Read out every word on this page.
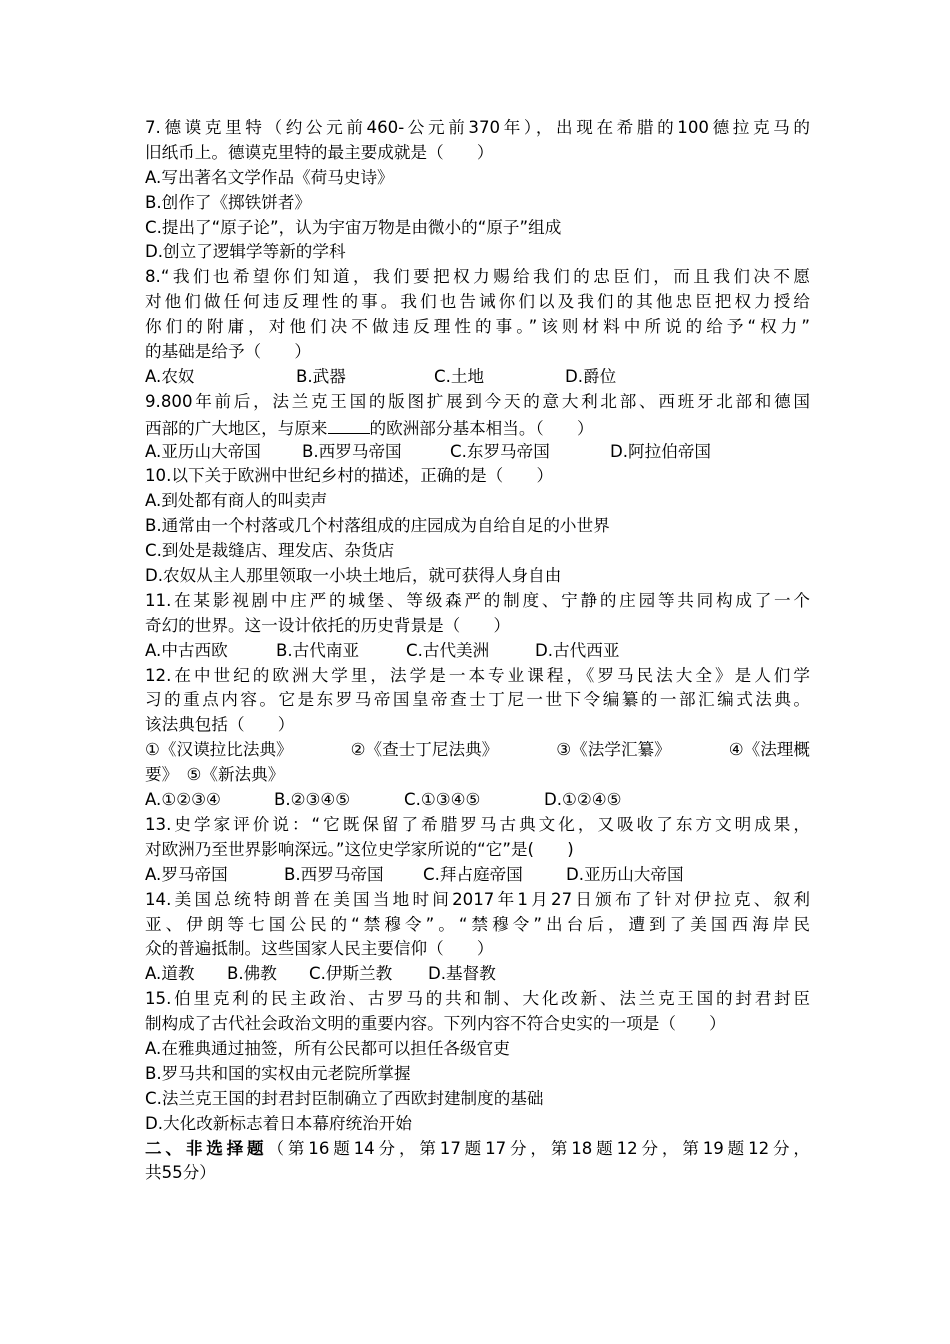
7.德谟克里特（约公元前460-公元前370年），出现在希腊的100德拉克马的
旧纸币上。德谟克里特的最主要成就是（　　）
A.写出著名文学作品《荷马史诗》
B.创作了《掷铁饼者》
C.提出了“原子论”，认为宇宙万物是由微小的“原子”组成
D.创立了逻辑学等新的学科
8.“我们也希望你们知道，我们要把权力赐给我们的忠臣们，而且我们决不愿
对他们做任何违反理性的事。我们也告诫你们以及我们的其他忠臣把权力授给
你们的附庸，对他们决不做违反理性的事。”该则材料中所说的给予“权力”
的基础是给予（　　）
A.农奴	B.武器	C.土地	D.爵位
9.800年前后，法兰克王国的版图扩展到今天的意大利北部、西班牙北部和德国
西部的广大地区，与原来	的欧洲部分基本相当。（　　）
A.亚历山大帝国	B.西罗马帝国	C.东罗马帝国	D.阿拉伯帝国
10.以下关于欧洲中世纪乡村的描述，正确的是（　　）
A.到处都有商人的叫卖声
B.通常由一个村落或几个村落组成的庄园成为自给自足的小世界
C.到处是裁缝店、理发店、杂货店
D.农奴从主人那里领取一小块土地后，就可获得人身自由
11.在某影视剧中庄严的城堡、等级森严的制度、宁静的庄园等共同构成了一个
奇幻的世界。这一设计依托的历史背景是（　　）
A.中古西欧	B.古代南亚	C.古代美洲	D.古代西亚
12.在中世纪的欧洲大学里，法学是一本专业课程，《罗马民法大全》是人们学
习的重点内容。它是东罗马帝国皇帝查士丁尼一世下令编纂的一部汇编式法典。
该法典包括（　　）
①《汉谟拉比法典》	②《查士丁尼法典》	③《法学汇纂》	④《法理概
要》　⑤《新法典》
A.①②③④	B.②③④⑤	C.①③④⑤	D.①②④⑤
13.史学家评价说：“它既保留了希腊罗马古典文化，又吸收了东方文明成果，
对欧洲乃至世界影响深远。”这位史学家所说的“它”是(　　)
A.罗马帝国	B.西罗马帝国	C.拜占庭帝国	D.亚历山大帝国
14.美国总统特朗普在美国当地时间2017年1月27日颁布了针对伊拉克、叙利
亚、伊朗等七国公民的“禁穆令”。“禁穆令”出台后，遭到了美国西海岸民
众的普遍抵制。这些国家人民主要信仰（　　）
A.道教	B.佛教	C.伊斯兰教	D.基督教
15.伯里克利的民主政治、古罗马的共和制、大化改新、法兰克王国的封君封臣
制构成了古代社会政治文明的重要内容。下列内容不符合史实的一项是（　　）
A.在雅典通过抽签，所有公民都可以担任各级官吏
B.罗马共和国的实权由元老院所掌握
C.法兰克王国的封君封臣制确立了西欧封建制度的基础
D.大化改新标志着日本幕府统治开始
二、非选择题（第16题14分，第17题17分，第18题12分，第19题12分，
共55分）
